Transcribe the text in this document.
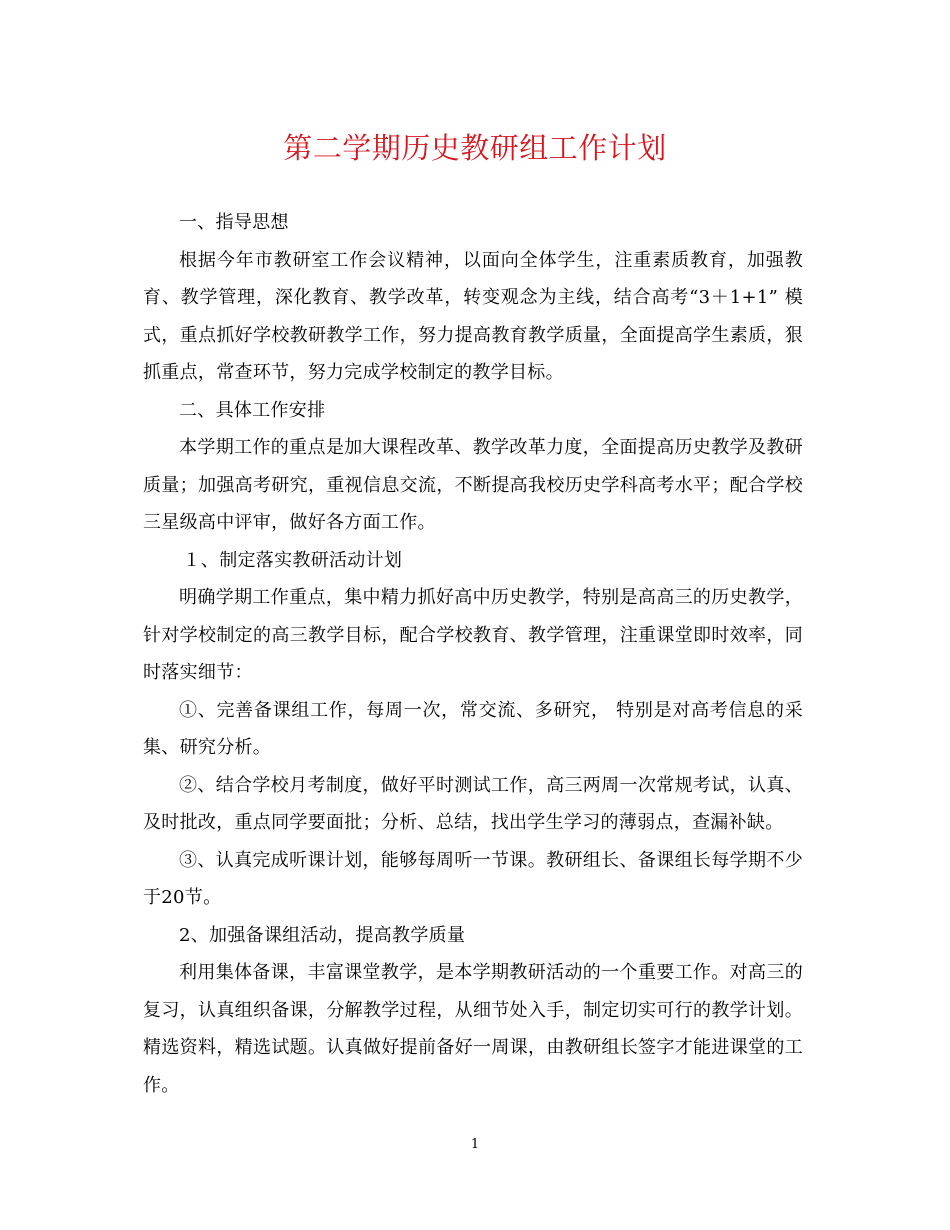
第二学期历史教研组工作计划

一、指导思想

根据今年市教研室工作会议精神，以面向全体学生，注重素质教育，加强教育、教学管理，深化教育、教学改革，转变观念为主线，结合高考“3＋1+1” 模式，重点抓好学校教研教学工作，努力提高教育教学质量，全面提高学生素质，狠抓重点，常查环节，努力完成学校制定的教学目标。

二、具体工作安排

本学期工作的重点是加大课程改革、教学改革力度，全面提高历史教学及教研质量；加强高考研究，重视信息交流，不断提高我校历史学科高考水平；配合学校三星级高中评审，做好各方面工作。

１、制定落实教研活动计划

明确学期工作重点，集中精力抓好高中历史教学，特别是高高三的历史教学，针对学校制定的高三教学目标，配合学校教育、教学管理，注重课堂即时效率，同时落实细节：

①、完善备课组工作，每周一次，常交流、多研究， 特别是对高考信息的采集、研究分析。

②、结合学校月考制度，做好平时测试工作，高三两周一次常规考试，认真、及时批改，重点同学要面批；分析、总结，找出学生学习的薄弱点，查漏补缺。

③、认真完成听课计划，能够每周听一节课。教研组长、备课组长每学期不少于20节。

2、加强备课组活动，提高教学质量

利用集体备课，丰富课堂教学，是本学期教研活动的一个重要工作。对高三的复习，认真组织备课，分解教学过程，从细节处入手，制定切实可行的教学计划。精选资料，精选试题。认真做好提前备好一周课，由教研组长签字才能进课堂的工作。

1
